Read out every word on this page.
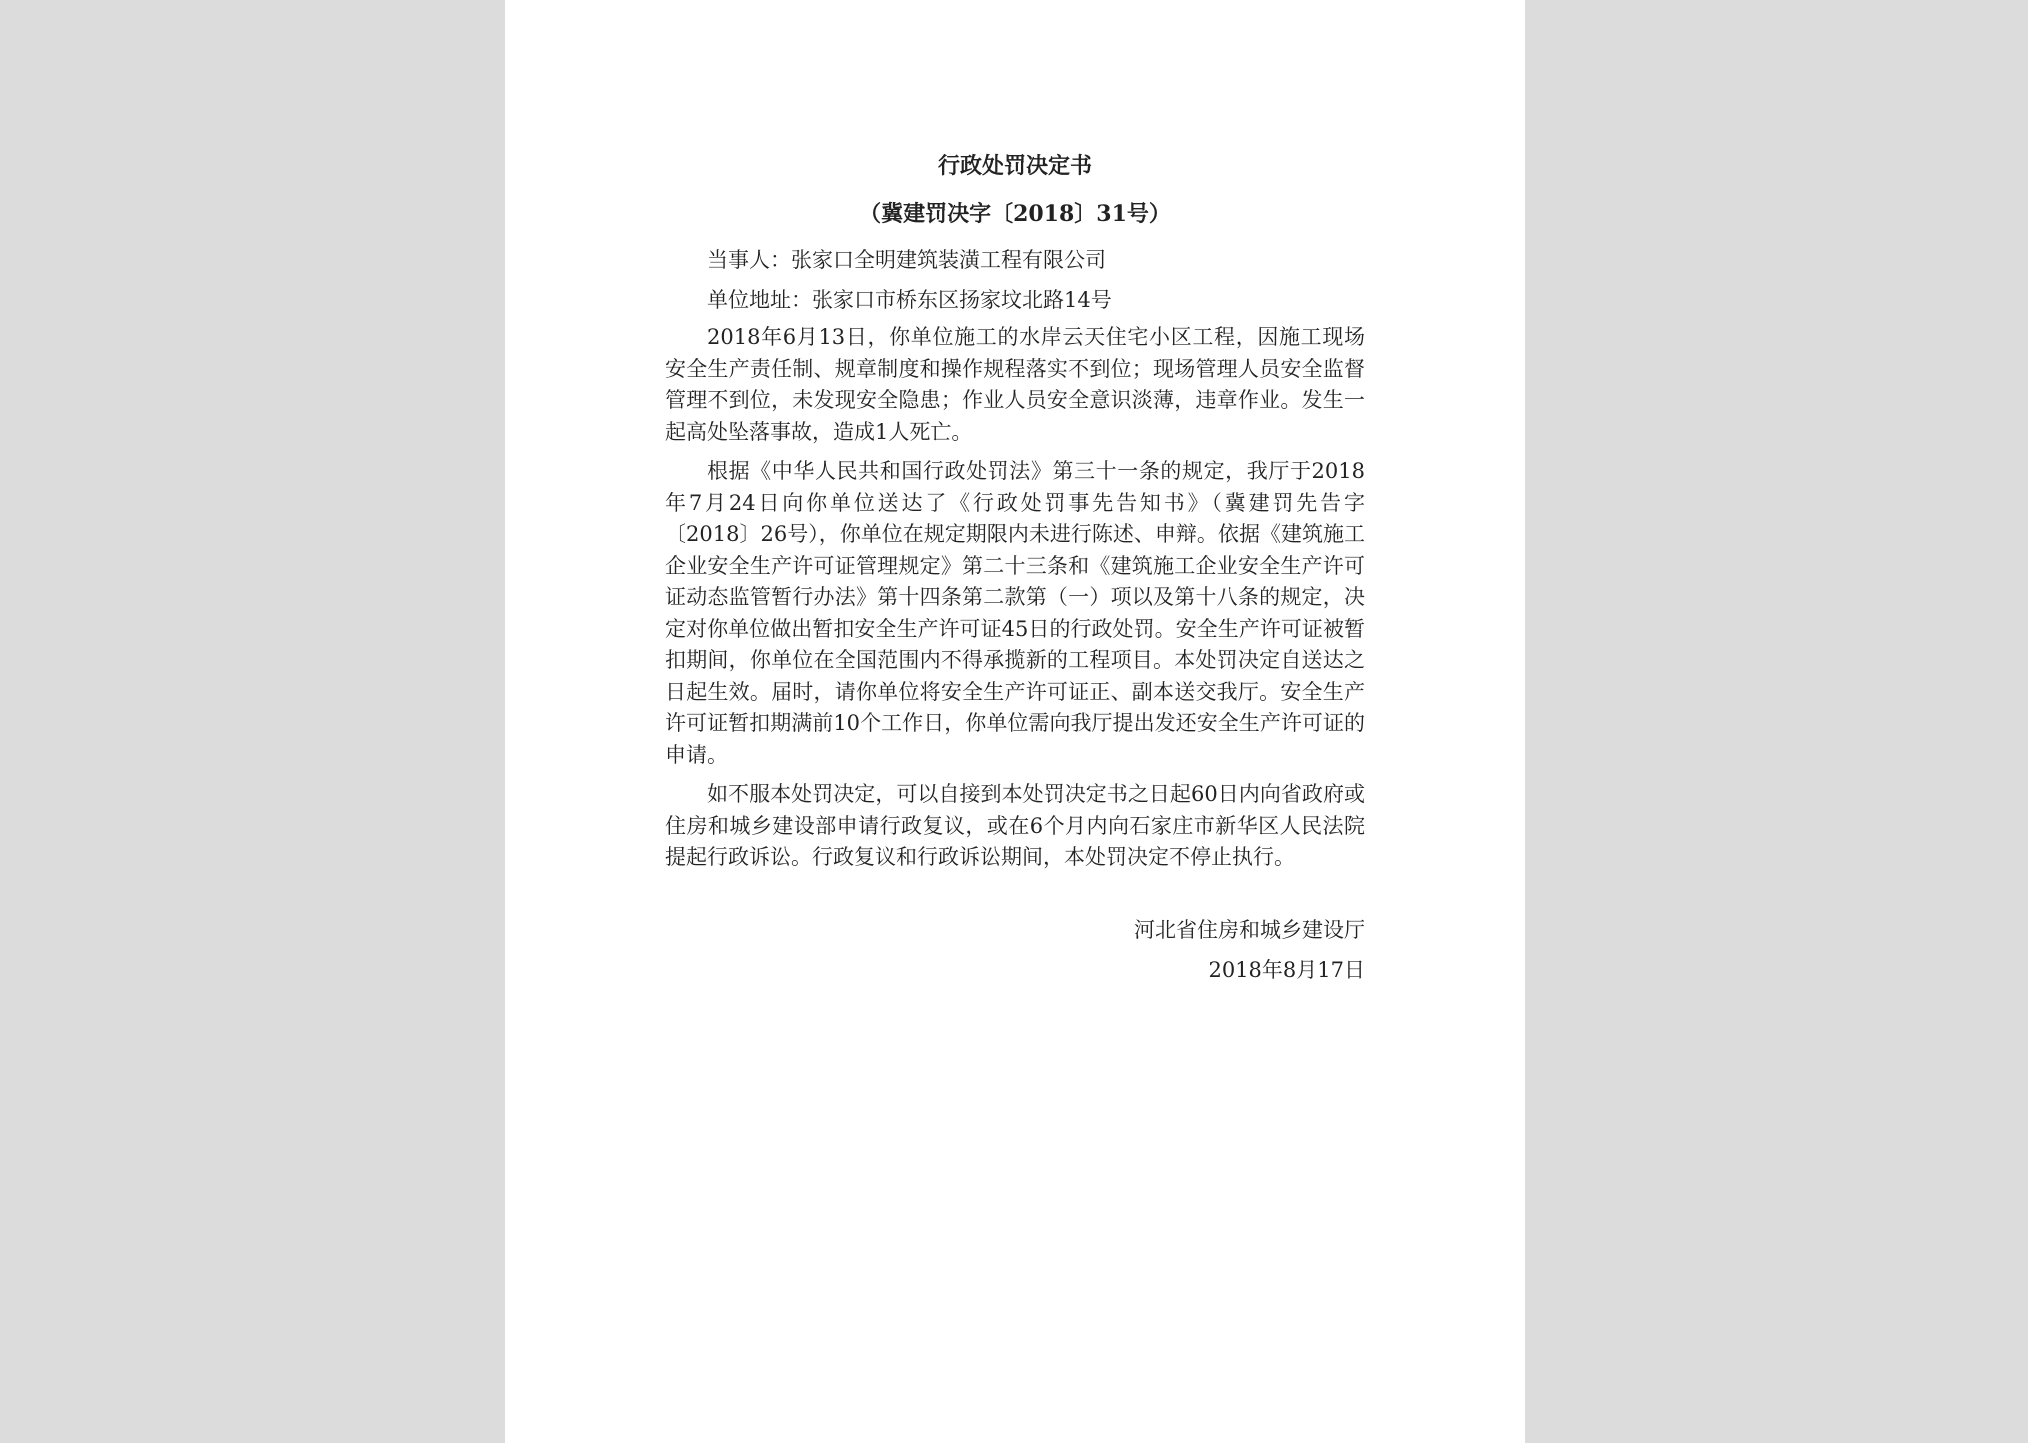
行政处罚决定书
（冀建罚决字〔2018〕31号）
当事人：张家口全明建筑装潢工程有限公司
单位地址：张家口市桥东区扬家坟北路14号

2018年6月13日，你单位施工的水岸云天住宅小区工程，因施工现场安全生产责任制、规章制度和操作规程落实不到位；现场管理人员安全监督管理不到位，未发现安全隐患；作业人员安全意识淡薄，违章作业。发生一起高处坠落事故，造成1人死亡。

根据《中华人民共和国行政处罚法》第三十一条的规定，我厅于2018年7月24日向你单位送达了《行政处罚事先告知书》（冀建罚先告字〔2018〕26号），你单位在规定期限内未进行陈述、申辩。依据《建筑施工企业安全生产许可证管理规定》第二十三条和《建筑施工企业安全生产许可证动态监管暂行办法》第十四条第二款第（一）项以及第十八条的规定，决定对你单位做出暂扣安全生产许可证45日的行政处罚。安全生产许可证被暂扣期间，你单位在全国范围内不得承揽新的工程项目。本处罚决定自送达之日起生效。届时，请你单位将安全生产许可证正、副本送交我厅。安全生产许可证暂扣期满前10个工作日，你单位需向我厅提出发还安全生产许可证的申请。

如不服本处罚决定，可以自接到本处罚决定书之日起60日内向省政府或住房和城乡建设部申请行政复议，或在6个月内向石家庄市新华区人民法院提起行政诉讼。行政复议和行政诉讼期间，本处罚决定不停止执行。

河北省住房和城乡建设厅
2018年8月17日
